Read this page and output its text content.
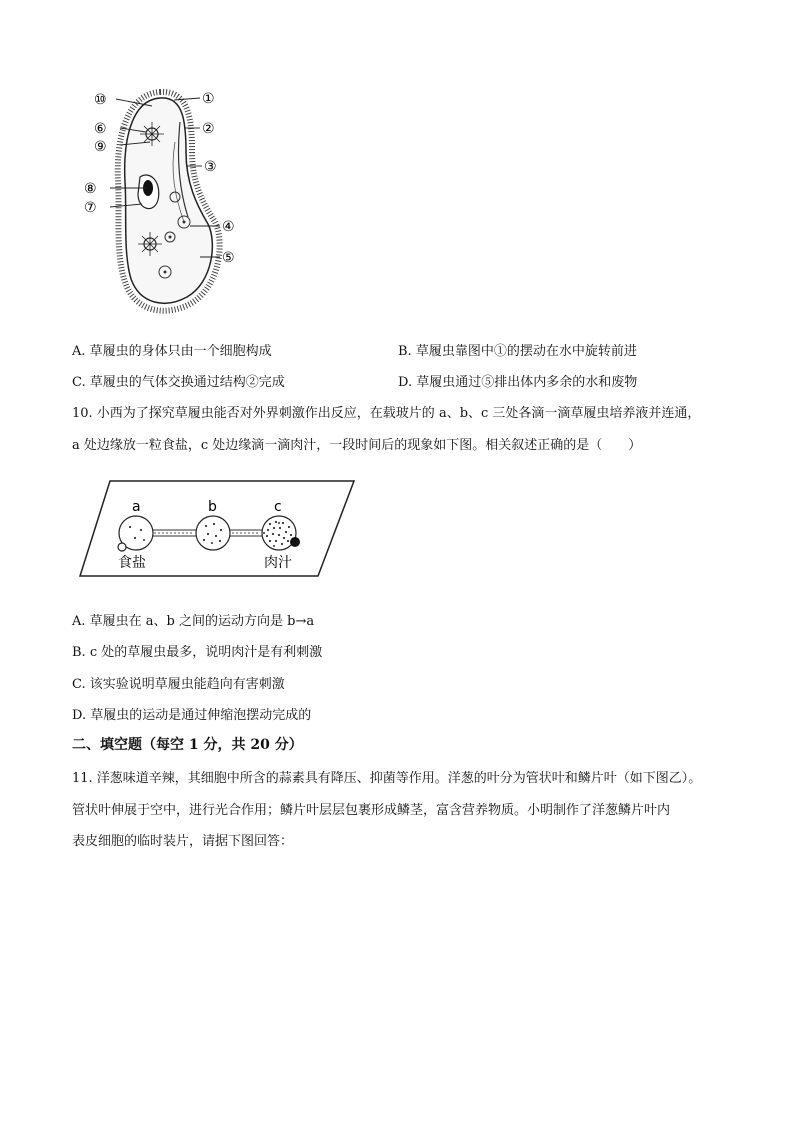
⑩
⑥
⑨
⑧
⑦
①
②
③
④
⑤
A. 草履虫的身体只由一个细胞构成	B. 草履虫靠图中①的摆动在水中旋转前进
C. 草履虫的气体交换通过结构②完成	D. 草履虫通过⑤排出体内多余的水和废物
10. 小西为了探究草履虫能否对外界刺激作出反应，在载玻片的 a、b、c 三处各滴一滴草履虫培养液并连通，
a 处边缘放一粒食盐，c 处边缘滴一滴肉汁，一段时间后的现象如下图。相关叙述正确的是（　　）
a	b	c
食盐	肉汁
A. 草履虫在 a、b 之间的运动方向是 b→a
B. c 处的草履虫最多，说明肉汁是有利刺激
C. 该实验说明草履虫能趋向有害刺激
D. 草履虫的运动是通过伸缩泡摆动完成的
二、填空题（每空 1 分，共 20 分）
11. 洋葱味道辛辣，其细胞中所含的蒜素具有降压、抑菌等作用。洋葱的叶分为管状叶和鳞片叶（如下图乙）。
管状叶伸展于空中，进行光合作用；鳞片叶层层包裹形成鳞茎，富含营养物质。小明制作了洋葱鳞片叶内
表皮细胞的临时装片，请据下图回答：
